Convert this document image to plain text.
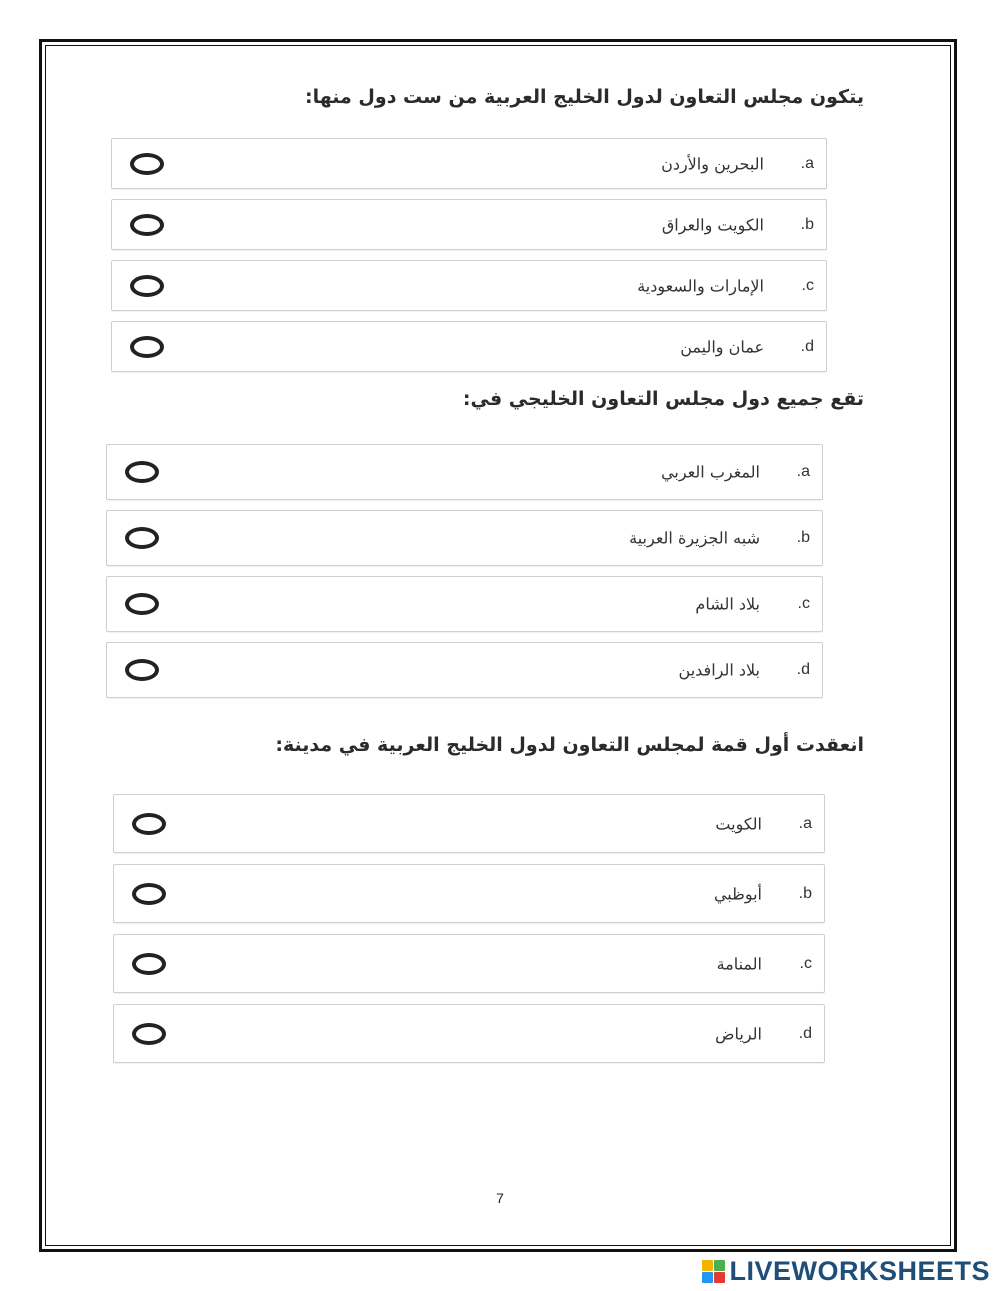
يتكون مجلس التعاون لدول الخليج العربية من ست دول منها:
البحرين والأردن .a
الكويت والعراق .b
الإمارات والسعودية .c
عمان واليمن .d
تقع جميع دول مجلس التعاون الخليجي في:
المغرب العربي .a
شبه الجزيرة العربية .b
بلاد الشام .c
بلاد الرافدين .d
انعقدت أول قمة لمجلس التعاون لدول الخليج العربية في مدينة:
الكويت .a
أبوظبي .b
المنامة .c
الرياض .d
7
LIVEWORKSHEETS
